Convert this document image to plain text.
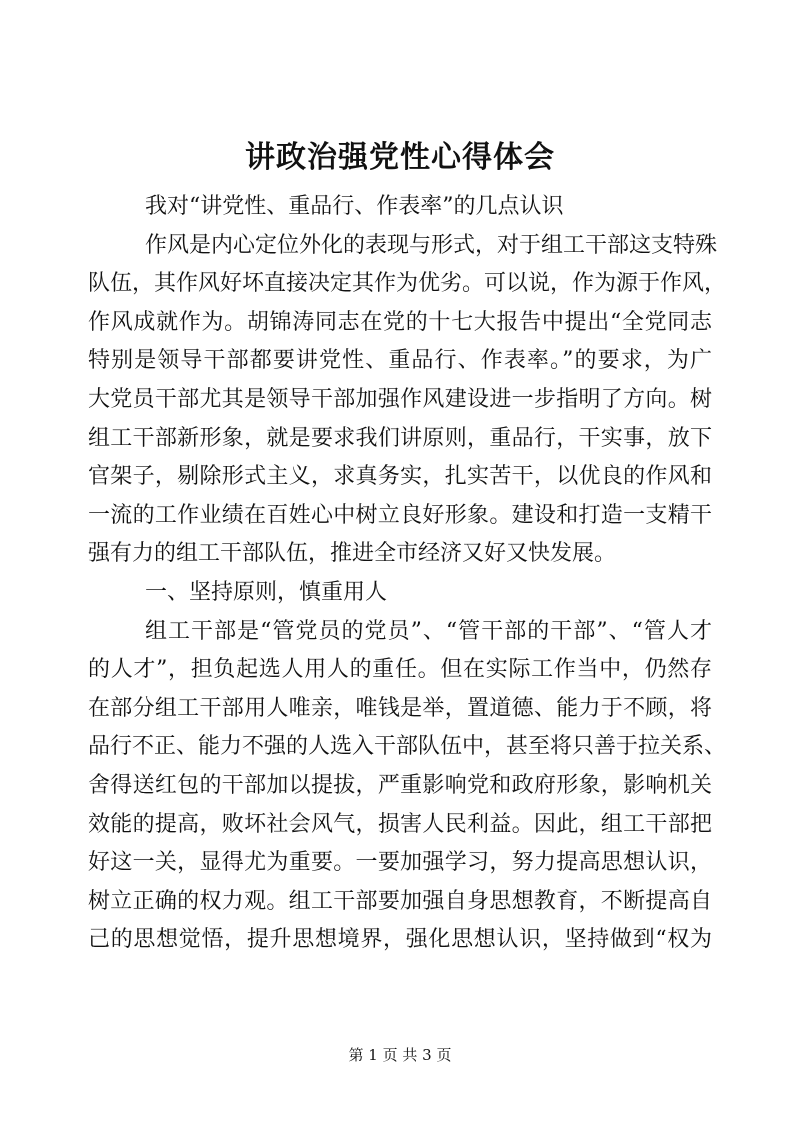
讲政治强党性心得体会
我对“讲党性、重品行、作表率”的几点认识
作风是内心定位外化的表现与形式，对于组工干部这支特殊
队伍，其作风好坏直接决定其作为优劣。可以说，作为源于作风，
作风成就作为。胡锦涛同志在党的十七大报告中提出“全党同志
特别是领导干部都要讲党性、重品行、作表率。”的要求，为广
大党员干部尤其是领导干部加强作风建设进一步指明了方向。树
组工干部新形象，就是要求我们讲原则，重品行，干实事，放下
官架子，剔除形式主义，求真务实，扎实苦干，以优良的作风和
一流的工作业绩在百姓心中树立良好形象。建设和打造一支精干
强有力的组工干部队伍，推进全市经济又好又快发展。
一、坚持原则，慎重用人
组工干部是“管党员的党员”、“管干部的干部”、“管人才
的人才”，担负起选人用人的重任。但在实际工作当中，仍然存
在部分组工干部用人唯亲，唯钱是举，置道德、能力于不顾，将
品行不正、能力不强的人选入干部队伍中，甚至将只善于拉关系、
舍得送红包的干部加以提拔，严重影响党和政府形象，影响机关
效能的提高，败坏社会风气，损害人民利益。因此，组工干部把
好这一关，显得尤为重要。一要加强学习，努力提高思想认识，
树立正确的权力观。组工干部要加强自身思想教育，不断提高自
己的思想觉悟，提升思想境界，强化思想认识，坚持做到“权为
第 1 页 共 3 页
